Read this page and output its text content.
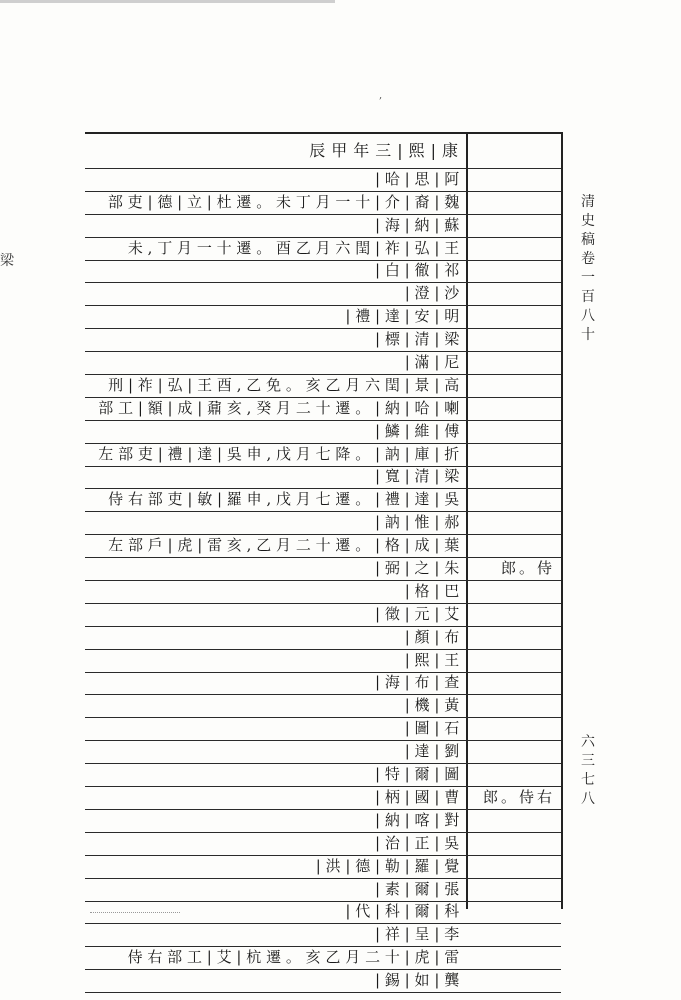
,
梁
辰甲年三|熙|康
|哈|思|阿
部吏|德|立|杜遷。未丁月一十|介|裔|魏
|海|納|蘇
未,丁月一十遷。酉乙月六閏|祚|弘|王
|白|徹|祁
|澄|沙
|禮|達|安|明
|標|清|梁
|滿|尼
刑|祚|弘|王酉,乙免。亥乙月六閏|景|高
部工|額|成|鼐亥,癸月二十遷。|納|哈|喇
|鱗|維|傅
左部吏|禮|達|吳申,戊月七降。|訥|庫|折
|寬|清|梁
侍右部吏|敏|羅申,戊月七遷。|禮|達|吳
|訥|惟|郝
左部戶|虎|雷亥,乙月二十遷。|格|成|葉
|弼|之|朱	郎。侍
|格|巴
|徵|元|艾
|顏|布
|熙|王
|海|布|查
|機|黃
|圖|石
|達|劉
|特|爾|圖
|柄|國|曹	郎。侍右
|納|喀|對
|治|正|吳
|洪|德|勒|羅|覺
|素|爾|張
|代|科|爾|科
|祥|呈|李
侍右部工|艾|杭遷。亥乙月二十|虎|雷
|錫|如|龔
清
史
稿
卷
一
百
八
十
六
三
七
八
